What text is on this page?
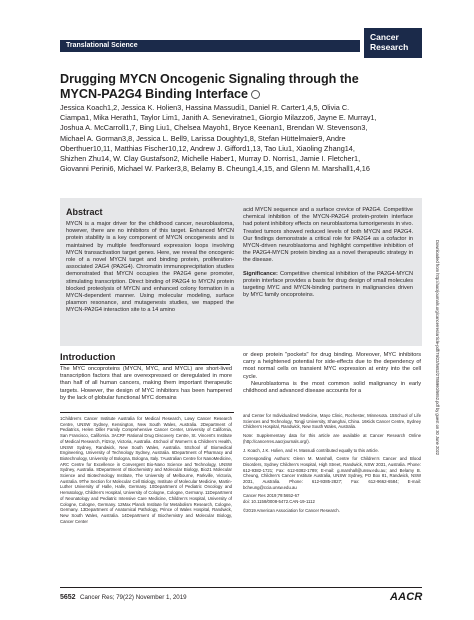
Cancer Research
Translational Science
Drugging MYCN Oncogenic Signaling through the MYCN-PA2G4 Binding Interface
Jessica Koach1,2, Jessica K. Holien3, Hassina Massudi1, Daniel R. Carter1,4,5, Olivia C. Ciampa1, Mika Herath1, Taylor Lim1, Janith A. Seneviratne1, Giorgio Milazzo6, Jayne E. Murray1, Joshua A. McCarroll1,7, Bing Liu1, Chelsea Mayoh1, Bryce Keenan1, Brendan W. Stevenson3, Michael A. Gorman3,8, Jessica L. Bell9, Larissa Doughty1,8, Stefan Hüttelmaier9, Andre Oberthuer10,11, Matthias Fischer10,12, Andrew J. Gifford1,13, Tao Liu1, Xiaoling Zhang14, Shizhen Zhu14, W. Clay Gustafson2, Michelle Haber1, Murray D. Norris1, Jamie I. Fletcher1, Giovanni Perini6, Michael W. Parker3,8, Belamy B. Cheung1,4,15, and Glenn M. Marshall1,4,16
Abstract
MYCN is a major driver for the childhood cancer, neuroblastoma, however, there are no inhibitors of this target. Enhanced MYCN protein stability is a key component of MYCN oncogenesis and is maintained by multiple feedforward expression loops involving MYCN transactivation target genes. Here, we reveal the oncogenic role of a novel MYCN target and binding protein, proliferation-associated 2AG4 (PA2G4). Chromatin immunoprecipitation studies demonstrated that MYCN occupies the PA2G4 gene promoter, stimulating transcription. Direct binding of PA2G4 to MYCN protein blocked proteolysis of MYCN and enhanced colony formation in a MYCN-dependent manner. Using molecular modeling, surface plasmon resonance, and mutagenesis studies, we mapped the MYCN-PA2G4 interaction site to a 14 amino

acid MYCN sequence and a surface crevice of PA2G4. Competitive chemical inhibition of the MYCN-PA2G4 protein-protein interface had potent inhibitory effects on neuroblastoma tumorigenesis in vivo. Treated tumors showed reduced levels of both MYCN and PA2G4. Our findings demonstrate a critical role for PA2G4 as a cofactor in MYCN-driven neuroblastoma and highlight competitive inhibition of the PA2G4-MYCN protein binding as a novel therapeutic strategy in the disease.

Significance: Competitive chemical inhibition of the PA2G4-MYCN protein interface provides a basis for drug design of small molecules targeting MYC and MYCN-binding partners in malignancies driven by MYC family oncoproteins.

Introduction
The MYC oncoproteins (MYCN, MYC, and MYCL) are short-lived transcription factors that are overexpressed or deregulated in more than half of all human cancers, making them important therapeutic targets. However, the design of MYC inhibitors has been hampered by the lack of globular functional MYC domains

or deep protein "pockets" for drug binding. Moreover, MYC inhibitors carry a heightened potential for side-effects due to the dependency of most normal cells on transient MYC expression at entry into the cell cycle.

Neuroblastoma is the most common solid malignancy in early childhood and advanced disease accounts for a

1Children's Cancer Institute Australia for Medical Research, Lowy Cancer Research Centre, UNSW Sydney, Kensington, New South Wales, Australia. 2Department of Pediatrics, Helen Diller Family Comprehensive Cancer Center, University of California, San Francisco, California. 3ACRF Rational Drug Discovery Centre, St. Vincent's Institute of Medical Research, Fitzroy, Victoria, Australia. 4School of Women's & Children's Health, UNSW Sydney, Randwick, New South Wales, Australia. 5School of Biomedical Engineering, University of Technology Sydney, Australia. 6Department of Pharmacy and Biotechnology, University of Bologna, Bologna, Italy. 7Australian Centre for NanoMedicine, ARC Centre for Excellence in Convergent Bio-Nano Science and Technology, UNSW Sydney, Australia. 8Department of Biochemistry and Molecular Biology, Bio21 Molecular Science and Biotechnology Institute, The University of Melbourne, Parkville, Victoria, Australia. 9The Section for Molecular Cell Biology, Institute of Molecular Medicine, Martin-Luther University of Halle, Halle, Germany. 10Department of Pediatric Oncology and Hematology, Children's Hospital, University of Cologne, Cologne, Germany. 11Department of Neonatology and Pediatric Intensive Care Medicine, Children's Hospital, University of Cologne, Cologne, Germany. 12Max Planck Institute for Metabolism Research, Cologne, Germany. 13Department of Anatomical Pathology, Prince of Wales Hospital, Randwick, New South Wales, Australia. 14Department of Biochemistry and Molecular Biology, Cancer Center

and Center for Individualized Medicine, Mayo Clinic, Rochester, Minnesota. 15School of Life Sciences and Technology, Tongji University, Shanghai, China. 16Kids Cancer Centre, Sydney Children's Hospital, Randwick, New South Wales, Australia.

Note: Supplementary data for this article are available at Cancer Research Online (http://cancerres.aacrjournals.org/).

J. Koach, J.K. Holien, and H. Massudi contributed equally to this article.

Corresponding Authors: Glenn M. Marshall, Centre for Children's Cancer and Blood Disorders, Sydney Children's Hospital, High Street, Randwick, NSW 2031, Australia. Phone: 612-9382-1721; Fax: 612-9382-1789; E-mail: g.marshall@unsw.edu.au; and Belamy B. Cheung, Children's Cancer Institute Australia, UNSW Sydney, PO Box 81, Randwick, NSW 2031, Australia. Phone: 612-9385-2827; Fax: 612-9662-6584; E-mail: bcheung@ccia.unsw.edu.au

Cancer Res 2019;79:5652-67

doi: 10.1158/0008-5472.CAN-19-1112

©2019 American Association for Cancer Research.

Downloaded from http://aacrjournals.org/cancerres/article-pdf/79/22/5652/2785960/5652.pdf by guest on 30 June 2022
5652 Cancer Res; 79(22) November 1, 2019	AACR
